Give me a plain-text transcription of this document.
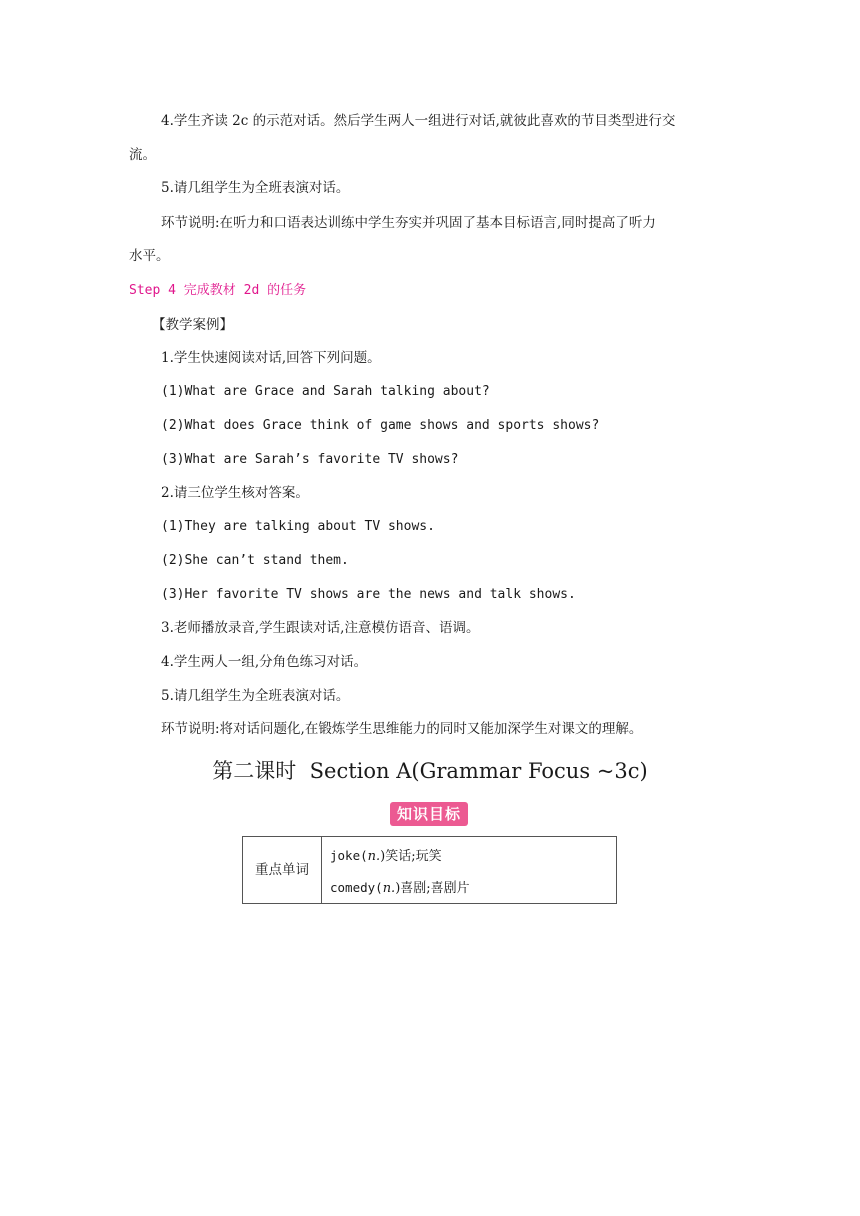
4.学生齐读 2c 的示范对话。然后学生两人一组进行对话,就彼此喜欢的节目类型进行交
流。
5.请几组学生为全班表演对话。
环节说明:在听力和口语表达训练中学生夯实并巩固了基本目标语言,同时提高了听力
水平。
Step 4 完成教材 2d 的任务
【教学案例】
1.学生快速阅读对话,回答下列问题。
(1)What are Grace and Sarah talking about?
(2)What does Grace think of game shows and sports shows?
(3)What are Sarah’s favorite TV shows?
2.请三位学生核对答案。
(1)They are talking about TV shows.
(2)She can’t stand them.
(3)Her favorite TV shows are the news and talk shows.
3.老师播放录音,学生跟读对话,注意模仿语音、语调。
4.学生两人一组,分角色练习对话。
5.请几组学生为全班表演对话。
环节说明:将对话问题化,在锻炼学生思维能力的同时又能加深学生对课文的理解。
第二课时  Section A(Grammar Focus ~3c)
知识目标
重点单词
joke(n.)笑话;玩笑
comedy(n.)喜剧;喜剧片
